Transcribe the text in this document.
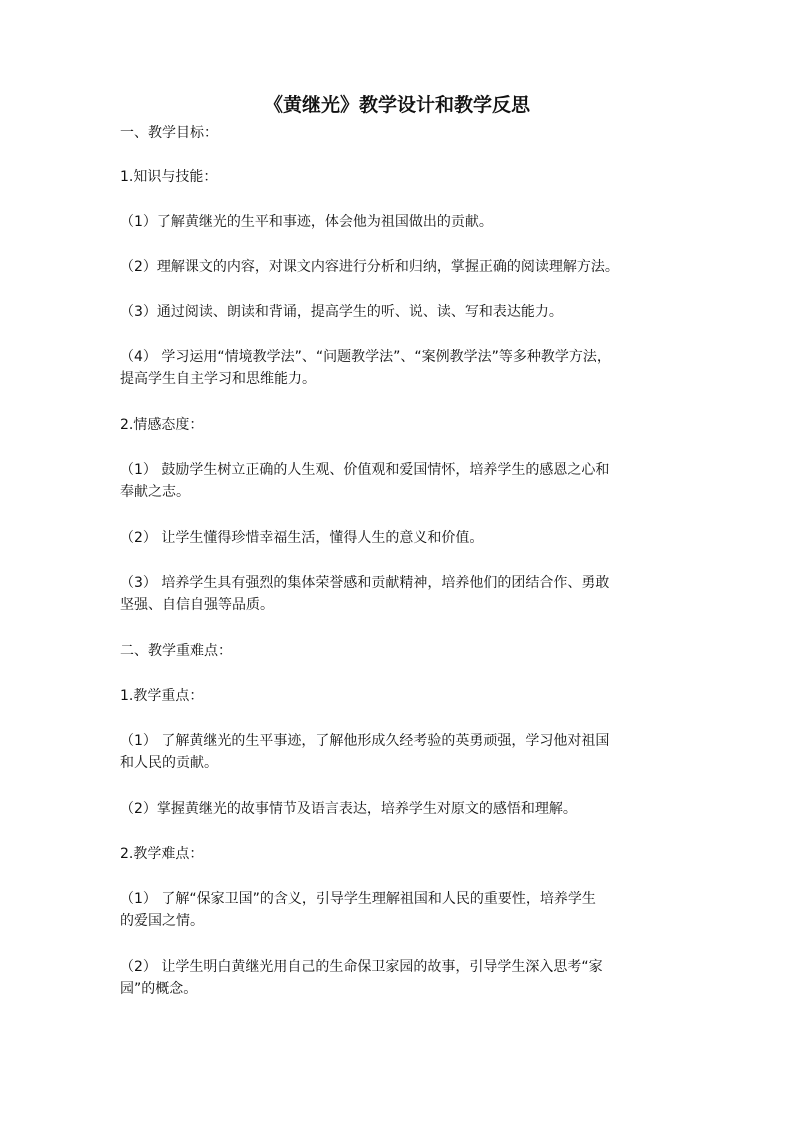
《黄继光》教学设计和教学反思

一、教学目标：

1.知识与技能：

（1）了解黄继光的生平和事迹，体会他为祖国做出的贡献。

（2）理解课文的内容，对课文内容进行分析和归纳，掌握正确的阅读理解方法。

（3）通过阅读、朗读和背诵，提高学生的听、说、读、写和表达能力。

（4） 学习运用“情境教学法”、“问题教学法”、“案例教学法”等多种教学方法，
提高学生自主学习和思维能力。

2.情感态度：

（1） 鼓励学生树立正确的人生观、价值观和爱国情怀，培养学生的感恩之心和
奉献之志。

（2） 让学生懂得珍惜幸福生活，懂得人生的意义和价值。

（3） 培养学生具有强烈的集体荣誉感和贡献精神，培养他们的团结合作、勇敢
坚强、自信自强等品质。

二、教学重难点：

1.教学重点：

（1） 了解黄继光的生平事迹，了解他形成久经考验的英勇顽强，学习他对祖国
和人民的贡献。

（2）掌握黄继光的故事情节及语言表达，培养学生对原文的感悟和理解。

2.教学难点：

（1） 了解“保家卫国”的含义，引导学生理解祖国和人民的重要性，培养学生
的爱国之情。
（2） 让学生明白黄继光用自己的生命保卫家园的故事，引导学生深入思考“家
园”的概念。
